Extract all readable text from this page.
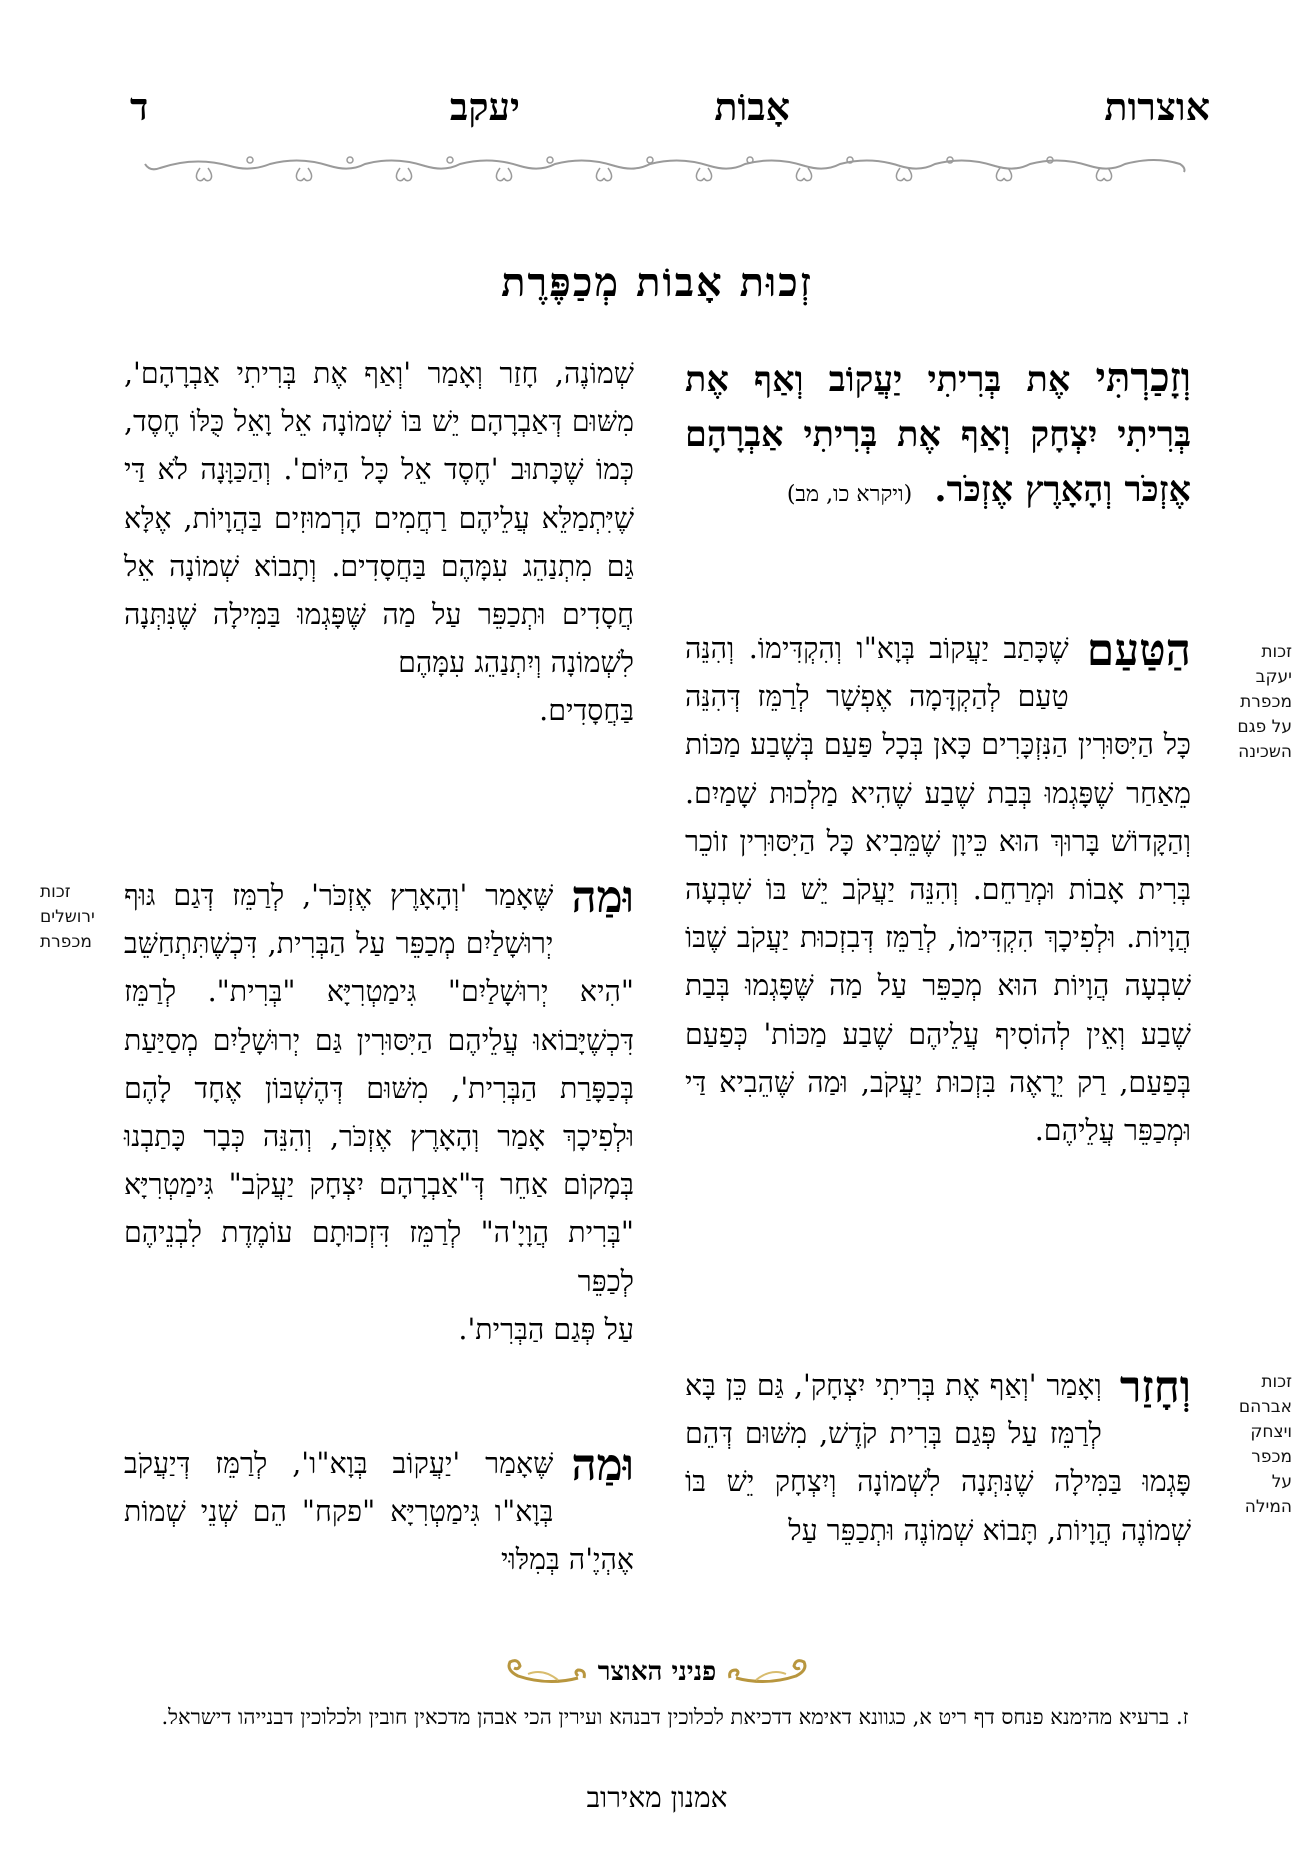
אוצרות
אָבוֹת
יעקב
ד
זְכוּת אָבוֹת מְכַפֶּרֶת
וְזָכַרְתִּי אֶת בְּרִיתִי יַעֲקוֹב וְאַף אֶת בְּרִיתִי יִצְחָק וְאַף אֶת בְּרִיתִי אַבְרָהָם אֶזְכֹּר וְהָאָרֶץ אֶזְכֹּר. (ויקרא כו, מב)
הַטַּעַם
שֶׁכָּתַב יַעֲקוֹב בְּוָא"ו וְהִקְדִּימוֹ. וְהִנֵּה טַעַם לְהַקְדָּמָה אֶפְשָׁר לְרַמֵּז דְּהִנֵּה כָּל הַיִּסּוּרִין הַנִּזְכָּרִים כָּאן בְּכָל פַּעַם בְּשֶׁבַע מַכּוֹת מֵאַחַר שֶׁפָּגְמוּ בְּבַת שֶׁבַע שֶׁהִיא מַלְכוּת שָׁמַיִם. וְהַקָּדוֹשׁ בָּרוּךְ הוּא כֵּיוָן שֶׁמֵּבִיא כָּל הַיִּסּוּרִין זוֹכֵר בְּרִית אָבוֹת וּמְרַחֵם. וְהִנֵּה יַעֲקֹב יֵשׁ בּוֹ שִׁבְעָה הֲוָיוֹת. וּלְפִיכָךְ הִקְדִּימוֹ, לְרַמֵּז דְּבִזְכוּת יַעֲקֹב שֶׁבּוֹ שִׁבְעָה הֲוָיוֹת הוּא מְכַפֵּר עַל מַה שֶּׁפָּגְמוּ בְּבַת שֶׁבַע וְאֵין לְהוֹסִיף עֲלֵיהֶם שֶׁבַע מַכּוֹת' כְּפַעַם בְּפַעַם, רַק יֵרָאֶה בִּזְכוּת יַעֲקֹב, וּמַה שֶּׁהֵבִיא דַּי וּמְכַפֵּר עֲלֵיהֶם.
זכות
יעקב
מכפרת
על פגם
השכינה
וְחָזַר
וְאָמַר 'וְאַף אֶת בְּרִיתִי יִצְחָק', גַּם כֵּן בָּא לְרַמֵּז עַל פְּגַם בְּרִית קֹדֶשׁ, מִשּׁוּם דְּהֵם פָּגְמוּ בַּמִּילָה שֶׁנִּתְּנָה לִשְׁמוֹנָה וְיִצְחָק יֵשׁ בּוֹ שְׁמוֹנֶה הֲוָיוֹת, תָּבוֹא שְׁמוֹנֶה וּתְכַפֵּר עַל
זכות
אברהם
ויצחק
מכפר
על
המילה
שְׁמוֹנֶה, חָזַר וְאָמַר 'וְאַף אֶת בְּרִיתִי אַבְרָהָם', מִשּׁוּם דְּאַבְרָהָם יֵשׁ בּוֹ שְׁמוֹנָה אֵל וָאֵל כֻּלּוֹ חֶסֶד, כְּמוֹ שֶׁכָּתוּב 'חֶסֶד אֵל כָּל הַיּוֹם'. וְהַכַּוָּנָה לֹא דַּי שֶׁיִּתְמַלֵּא עֲלֵיהֶם רַחֲמִים הָרְמוּזִים בַּהֲוָיוֹת, אֶלָּא גַּם מִתְנַהֵג עִמָּהֶם בַּחֲסָדִים. וְתָבוֹא שְׁמוֹנָה אֵל חֲסָדִים וּתְכַפֵּר עַל מַה שֶּׁפָּגְמוּ בַּמִּילָה שֶׁנִּתְּנָה לִשְׁמוֹנָה וְיִתְנַהֵג עִמָּהֶם
בַּחֲסָדִים.
וּמַה
שֶּׁאָמַר 'וְהָאָרֶץ אֶזְכֹּר', לְרַמֵּז דְּגַם גּוּף יְרוּשָׁלַיִם מְכַפֵּר עַל הַבְּרִית, דִּכְשֶׁתִּתְחַשֵּׁב "הִיא יְרוּשָׁלַיִם" גִּימַטְרִיָּא "בְּרִית". לְרַמֵּז דִּכְשֶׁיָּבוֹאוּ עֲלֵיהֶם הַיִּסּוּרִין גַּם יְרוּשָׁלַיִם מְסַיַּעַת בְּכַפָּרַת הַבְּרִית', מִשּׁוּם דְּהֶשְׁבּוֹן אֶחָד לָהֶם וּלְפִיכָךְ אָמַר וְהָאָרֶץ אֶזְכֹּר, וְהִנֵּה כְּבָר כָּתַבְנוּ בְּמָקוֹם אַחֵר דְּ"אַבְרָהָם יִצְחָק יַעֲקֹב" גִּימַטְרִיָּא "בְּרִית הֲוָיָ'ה" לְרַמֵּז דִּזְכוּתָם עוֹמֶדֶת לִבְנֵיהֶם לְכַפֵּר
עַל פְּגַם הַבְּרִית'.
זכות
ירושלים
מכפרת
וּמַה
שֶּׁאָמַר 'יַעֲקוֹב בְּוָא"ו', לְרַמֵּז דְּיַעֲקֹב בְּוָא"ו גִּימַטְרִיָּא "פקח" הֵם שְׁנֵי שְׁמוֹת אֶהְיֶ'ה בְּמִלּוּי
פניני האוצר
ז. ברעיא מהימנא פנחס דף ריט א, כגוונא דאימא דדכיאת לכלוכין דבנהא ועירין הכי אבהן מדכאין חובין ולכלוכין דבנייהו דישראל.
אמנון מאירוב
